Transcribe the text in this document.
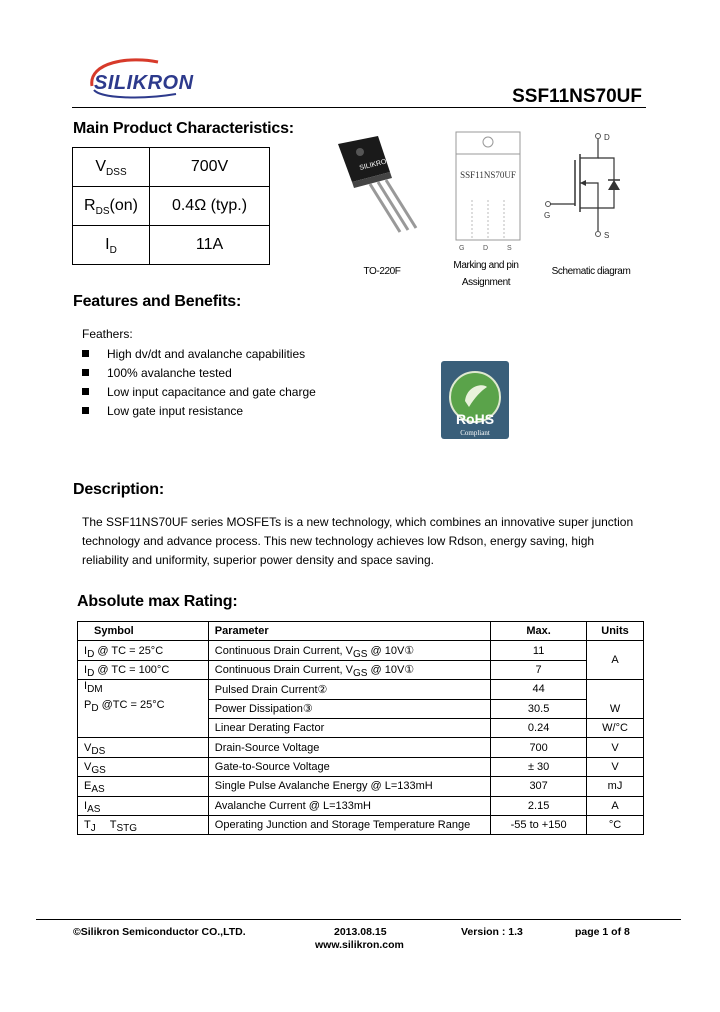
SILIKRON
SSF11NS70UF
Main Product Characteristics:
$V_{DSS}$	700V
$R_{DS}(on)$	0.4Ω (typ.)
$I_D$	11A
SILIKRON
TO-220F
SSF11NS70UF
G	D	S
Marking and pin
Assignment
D
S
G
Schematic diagram
Features and Benefits:
Feathers:
High dv/dt and avalanche capabilities
100% avalanche tested
Low input capacitance and gate charge
Low gate input resistance	RoHS
Compliant
Description:
The SSF11NS70UF series MOSFETs is a new technology, which combines an innovative super junction technology and advance process. This new technology achieves low Rdson, energy saving, high reliability and uniformity, superior power density and space saving.
Absolute max Rating:
Symbol	Parameter	Max.	Units
$I_D$ @ TC = 25°C	Continuous Drain Current, $V_{GS}$ @ 10V①	11	A
$I_D$ @ TC = 100°C	Continuous Drain Current, $V_{GS}$ @ 10V①	7	
$I_{DM}$	Pulsed Drain Current②	44	
$P_D$ @TC = 25°C	Power Dissipation③	30.5	W
	Linear Derating Factor	0.24	W/°C
$V_{DS}$	Drain-Source Voltage	700	V
$V_{GS}$	Gate-to-Source Voltage	± 30	V
$E_{AS}$	Single Pulse Avalanche Energy @ L=133mH	307	mJ
$I_{AS}$	Avalanche Current @ L=133mH	2.15	A
$T_J$ $T_{STG}$	Operating Junction and Storage Temperature Range	-55 to +150	°C
©Silikron Semiconductor CO.,LTD.	2013.08.15	Version : 1.3	page 1 of 8
www.silikron.com
